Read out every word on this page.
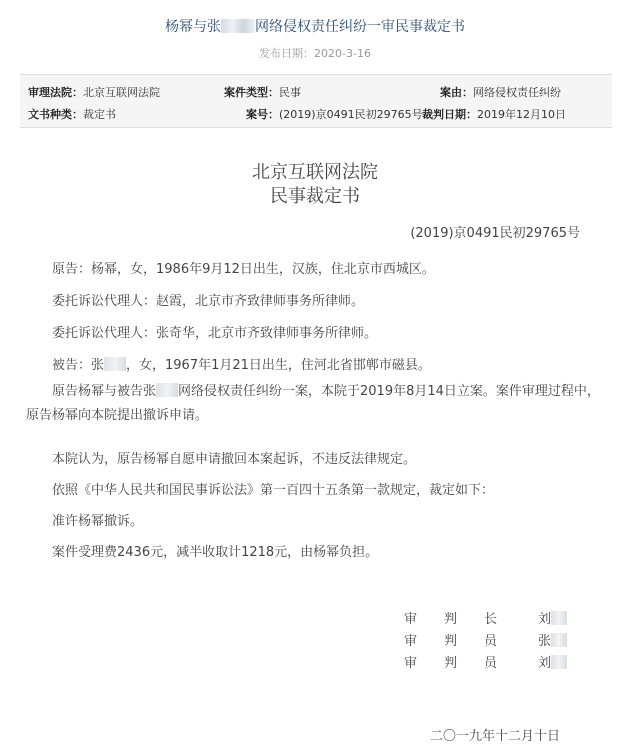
杨幂与张 网络侵权责任纠纷一审民事裁定书
发布日期：2020-3-16
审理法院：北京互联网法院	案件类型：民事	案由：网络侵权责任纠纷
文书种类：裁定书	案号：(2019)京0491民初29765号 裁判日期：2019年12月10日
北京互联网法院
民事裁定书
(2019)京0491民初29765号
原告：杨幂，女，1986年9月12日出生，汉族，住北京市西城区。
委托诉讼代理人：赵霞，北京市齐致律师事务所律师。
委托诉讼代理人：张奇华，北京市齐致律师事务所律师。
被告：张 ，女，1967年1月21日出生，住河北省邯郸市磁县。
原告杨幂与被告张 网络侵权责任纠纷一案，本院于2019年8月14日立案。案件审理过程中，原告杨幂向本院提出撤诉申请。
本院认为，原告杨幂自愿申请撤回本案起诉，不违反法律规定。
依照《中华人民共和国民事诉讼法》第一百四十五条第一款规定，裁定如下：
准许杨幂撤诉。
案件受理费2436元，减半收取计1218元，由杨幂负担。
审 判 长	刘
审 判 员	张
审 判 员	刘
二〇一九年十二月十日
